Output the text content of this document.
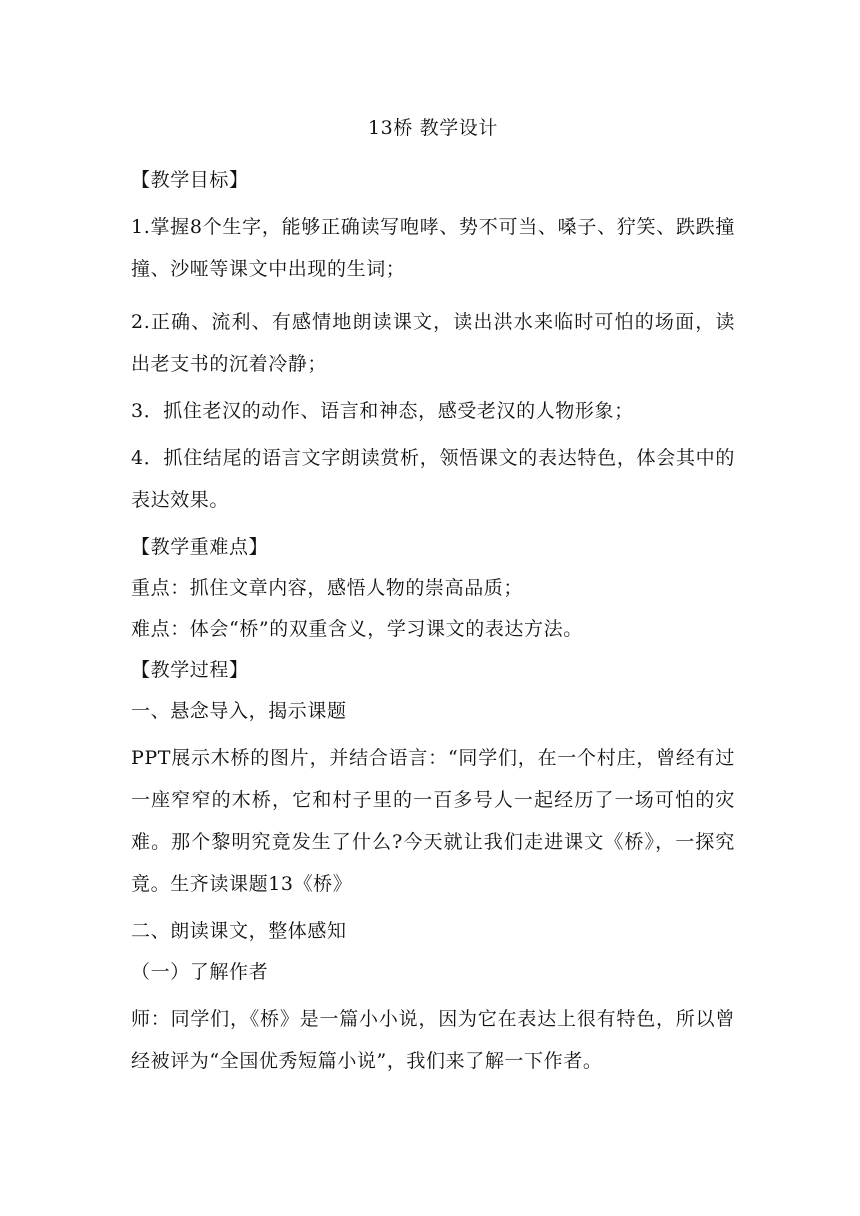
13桥 教学设计
【教学目标】
1.掌握8个生字，能够正确读写咆哮、势不可当、嗓子、狞笑、跌跌撞撞、沙哑等课文中出现的生词；
2.正确、流利、有感情地朗读课文，读出洪水来临时可怕的场面，读出老支书的沉着冷静；
3．抓住老汉的动作、语言和神态，感受老汉的人物形象；
4．抓住结尾的语言文字朗读赏析，领悟课文的表达特色，体会其中的表达效果。
【教学重难点】
重点：抓住文章内容，感悟人物的崇高品质；
难点：体会“桥”的双重含义，学习课文的表达方法。
【教学过程】
一、悬念导入，揭示课题
PPT展示木桥的图片，并结合语言：“同学们，在一个村庄，曾经有过一座窄窄的木桥，它和村子里的一百多号人一起经历了一场可怕的灾难。那个黎明究竟发生了什么?今天就让我们走进课文《桥》，一探究竟。生齐读课题13《桥》
二、朗读课文，整体感知
（一）了解作者
师：同学们，《桥》是一篇小小说，因为它在表达上很有特色，所以曾经被评为“全国优秀短篇小说”，我们来了解一下作者。
